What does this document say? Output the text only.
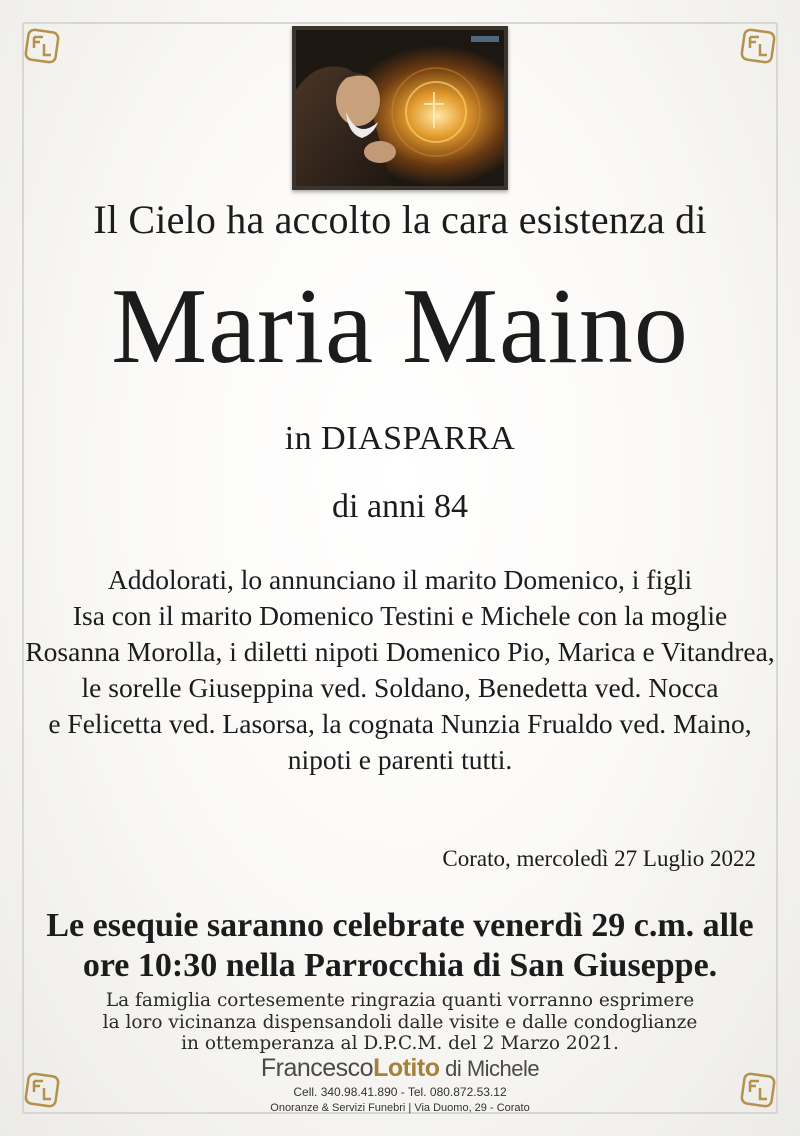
Il Cielo ha accolto la cara esistenza di
Maria Maino
in DIASPARRA
di anni 84
Addolorati, lo annunciano il marito Domenico, i figli
Isa con il marito Domenico Testini e Michele con la moglie
Rosanna Morolla, i diletti nipoti Domenico Pio, Marica e Vitandrea,
le sorelle Giuseppina ved. Soldano, Benedetta ved. Nocca
e Felicetta ved. Lasorsa, la cognata Nunzia Frualdo ved. Maino,
nipoti e parenti tutti.
Corato, mercoledì 27 Luglio 2022
Le esequie saranno celebrate venerdì 29 c.m. alle
ore 10:30 nella Parrocchia di San Giuseppe.
La famiglia cortesemente ringrazia quanti vorranno esprimere
la loro vicinanza dispensandoli dalle visite e dalle condoglianze
in ottemperanza al D.P.C.M. del 2 Marzo 2021.
FrancescoLotito di Michele
Cell. 340.98.41.890 - Tel. 080.872.53.12
Onoranze & Servizi Funebri | Via Duomo, 29 - Corato
